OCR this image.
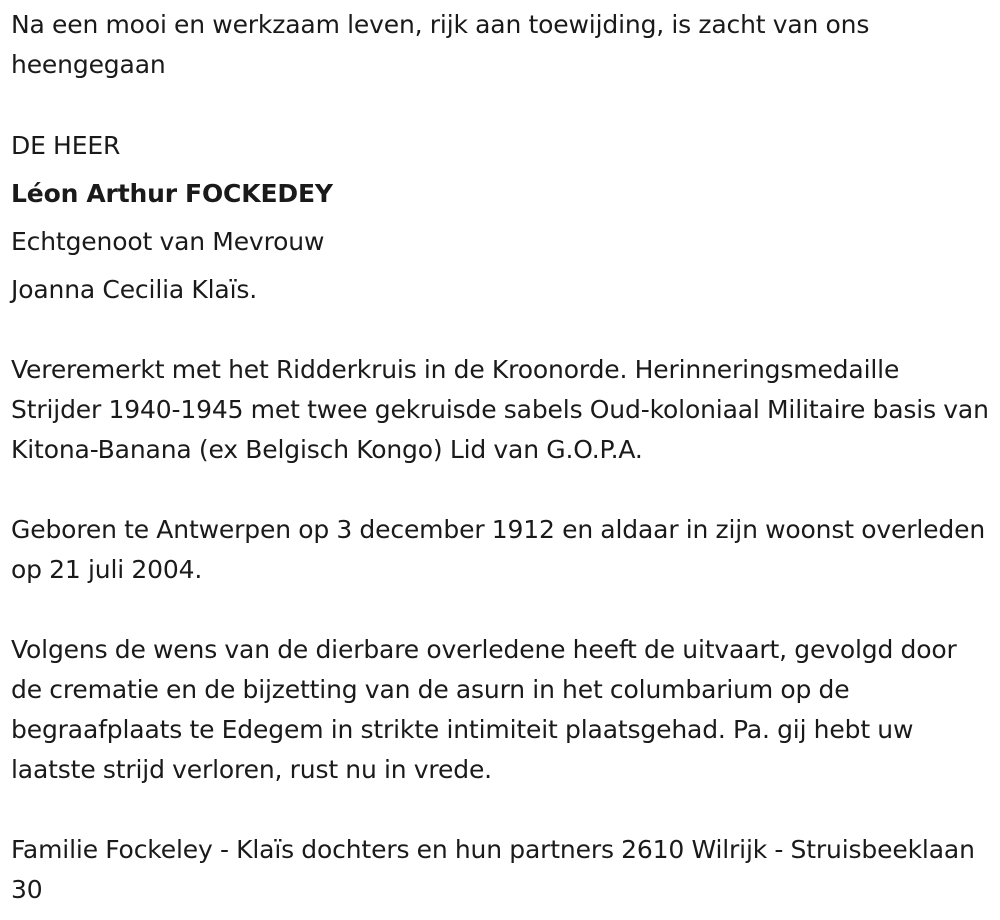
Na een mooi en werkzaam leven, rijk aan toewijding, is zacht van ons heengegaan

DE HEER

Léon Arthur FOCKEDEY

Echtgenoot van Mevrouw

Joanna Cecilia Klaïs.

Vereremerkt met het Ridderkruis in de Kroonorde. Herinneringsmedaille Strijder 1940-1945 met twee gekruisde sabels Oud-koloniaal Militaire basis van Kitona-Banana (ex Belgisch Kongo) Lid van G.O.P.A.

Geboren te Antwerpen op 3 december 1912 en aldaar in zijn woonst overleden op 21 juli 2004.

Volgens de wens van de dierbare overledene heeft de uitvaart, gevolgd door de crematie en de bijzetting van de asurn in het columbarium op de begraafplaats te Edegem in strikte intimiteit plaatsgehad. Pa. gij hebt uw laatste strijd verloren, rust nu in vrede.

Familie Fockeley - Klaïs dochters en hun partners 2610 Wilrijk - Struisbeeklaan 30
